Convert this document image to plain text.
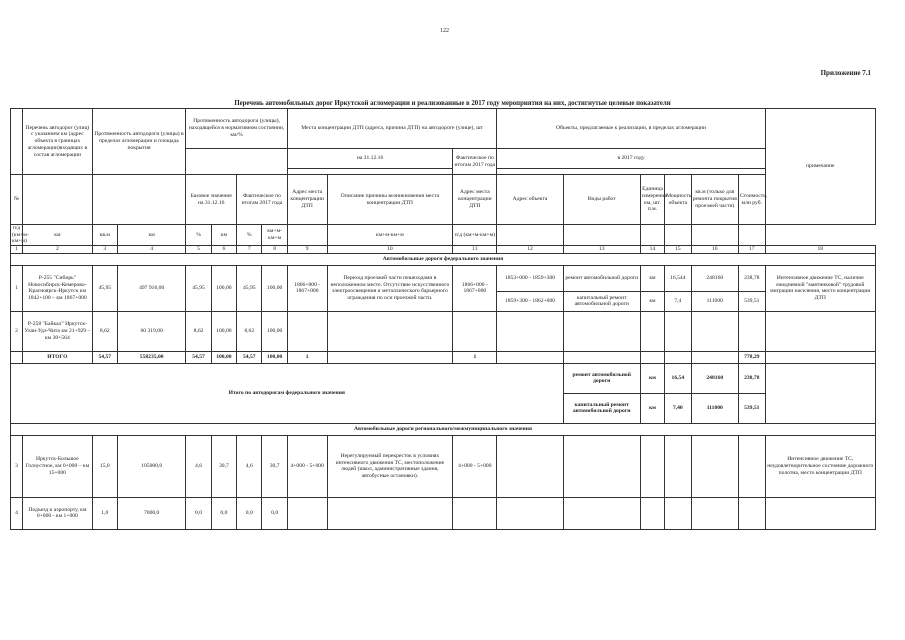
122
Приложение 7.1
Перечень автомобильных дорог Иркутской агломерации и реализованные в 2017 году мероприятия на них, достигнутые целевые показатели
	Перечень автодорог (улиц) с указанием км (адрес объекта в границах агломерации)входящих в состав агломерации	Протяженность автодороги (улицы) в пределах агломерации и площадь покрытия		Протяженность автодороги (улицы), находящейся в нормативном состоянии, км/%				Места концентрации ДТП (адреса, причина ДТП) на автодороге (улице), шт			Объекты, предлагаемые к реализации, в пределах агломерации						примечание
								на 31.12.16		Фактическое по итогам 2017 года	в 2017 году						

№				Базовое значение на 31.12.16		Фактическое по итогам 2017 года		Адрес места концентрации ДТП	Описание причины возникновения места концентрации ДТП	Адрес места концентрации ДТП	Адрес объекта	Виды работ	Единица измерения км, шт. п.м.	Мощность объекта	кв.м (только для ремонта покрытия проезжей части)	Стоимость, млн руб.	
п/д (км+м-км+м)	км	кв.м	км	%	км	%	км+м-км+м		км+м-км+м	п/д (км+м-км+м)							
1	2	3	4	5	6	7	8	9	10	11	12	13	14	15	16	17	18
Автомобильные дороги федерального значения																	
1	Р-255 "Сибирь" Новосибирск-Кемерово-Красноярск-Иркутск км 1842+100 – км 1867+000	45,95	497 916,00	45,95	100,00	45,95	100,00	1866+000 - 1867+000	Переход проезжей части пешеходами в неположенном месте. Отсутствие искусственного электроосвещения и металлического барьерного ограждения по оси проезжей части.	1866+000 - 1867+000	1853+000 - 1859+300	ремонт автомобильной дороги	км	16,544	248160	238,78	Интенсивное движение ТС, наличие ежедневной "маятниковой" трудовой миграции населения, место концентрации ДТП
											1859+300 - 1862+000	капитальный ремонт автомобильной дороги	км	7,4	111000	539,51	
2	Р-258 "Байкал" Иркутск-Улан-Удэ-Чита км 21+929 – км 30+564	8,62	60 319,00	8,62	100,00	8,62	100,00										
	ИТОГО	54,57	558235,00	54,57	100,00	54,57	100,00	1		1						778,29	
Итого по автодорогам федерального значения												ремонт автомобильной дороги	км	16,54	248160	238,78	
												капитальный ремонт автомобильной дороги	км	7,40	111000	539,51	
Автомобильные дороги регионального/межмуниципального значения																	
3	Иркутск-Большое Голоустное, км 0+000 – км 15+000	15,0	105000,0	4,6	30,7	4,6	30,7	4+000 - 5+000	Нерегулируемый перекресток в условиях интенсивного движения ТС, местоположение людей (школ, административные здания, автобусные остановки).	4+000 - 5+000							Интенсивное движение ТС, неудовлетворительное состояние дорожного полотна, место концентрации ДТП
4	Подъезд к аэропорту, км 0+000 - км 1+000	1,0	7000,0	0,0	0,0	0,0	0,0										
